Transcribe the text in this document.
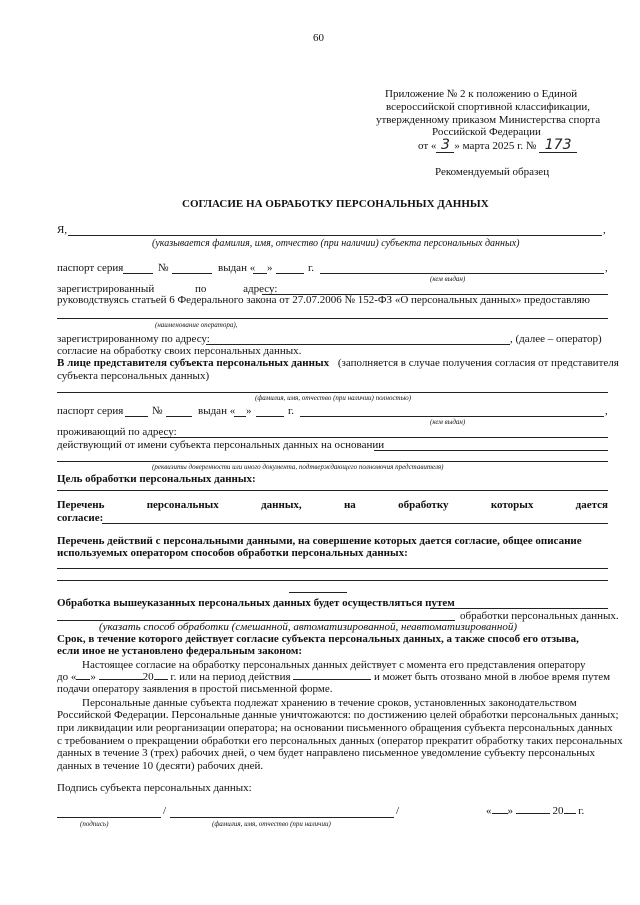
60
Приложение № 2 к положению о Единой
всероссийской спортивной классификации,
утвержденному приказом Министерства спорта
Российской Федерации
от « 3 » марта 2025 г. № 173
Рекомендуемый образец
СОГЛАСИЕ НА ОБРАБОТКУ ПЕРСОНАЛЬНЫХ ДАННЫХ
Я,	,
(указывается фамилия, имя, отчество (при наличии) субъекта персональных данных)
паспорт серия	№	выдан « »	г.	,
(кем выдан)
зарегистрированный	по	адресу:
руководствуясь статьей 6 Федерального закона от 27.07.2006 № 152-ФЗ «О персональных данных» предоставляю
(наименование оператора),
зарегистрированному по адресу:	, (далее – оператор)
согласие на обработку своих персональных данных.
В лице представителя субъекта персональных данных (заполняется в случае получения согласия от представителя
субъекта персональных данных)
(фамилия, имя, отчество (при наличии) полностью)
паспорт серия	№	выдан « »	г.	,
(кем выдан)
проживающий по адресу:
действующий от имени субъекта персональных данных на основании
(реквизиты доверенности или иного документа, подтверждающего полномочия представителя)
Цель обработки персональных данных:
Перечень	персональных	данных,	на	обработку	которых	дается
согласие:
Перечень действий с персональными данными, на совершение которых дается согласие, общее описание
используемых оператором способов обработки персональных данных:
Обработка вышеуказанных персональных данных будет осуществляться путем
обработки персональных данных.
(указать способ обработки (смешанной, автоматизированной, неавтоматизированной)
Срок, в течение которого действует согласие субъекта персональных данных, а также способ его отзыва,
если иное не установлено федеральным законом:
Настоящее согласие на обработку персональных данных действует с момента его представления оператору
до « »	20 г. или на период действия	и может быть отозвано мной в любое время путем
подачи оператору заявления в простой письменной форме.
Персональные данные субъекта подлежат хранению в течение сроков, установленных законодательством
Российской Федерации. Персональные данные уничтожаются: по достижению целей обработки персональных данных;
при ликвидации или реорганизации оператора; на основании письменного обращения субъекта персональных данных
с требованием о прекращении обработки его персональных данных (оператор прекратит обработку таких персональных
данных в течение 3 (трех) рабочих дней, о чем будет направлено письменное уведомление субъекту персональных
данных в течение 10 (десяти) рабочих дней.
Подпись субъекта персональных данных:
/	/	« »	20 г.
(подпись)	(фамилия, имя, отчество (при наличии)
